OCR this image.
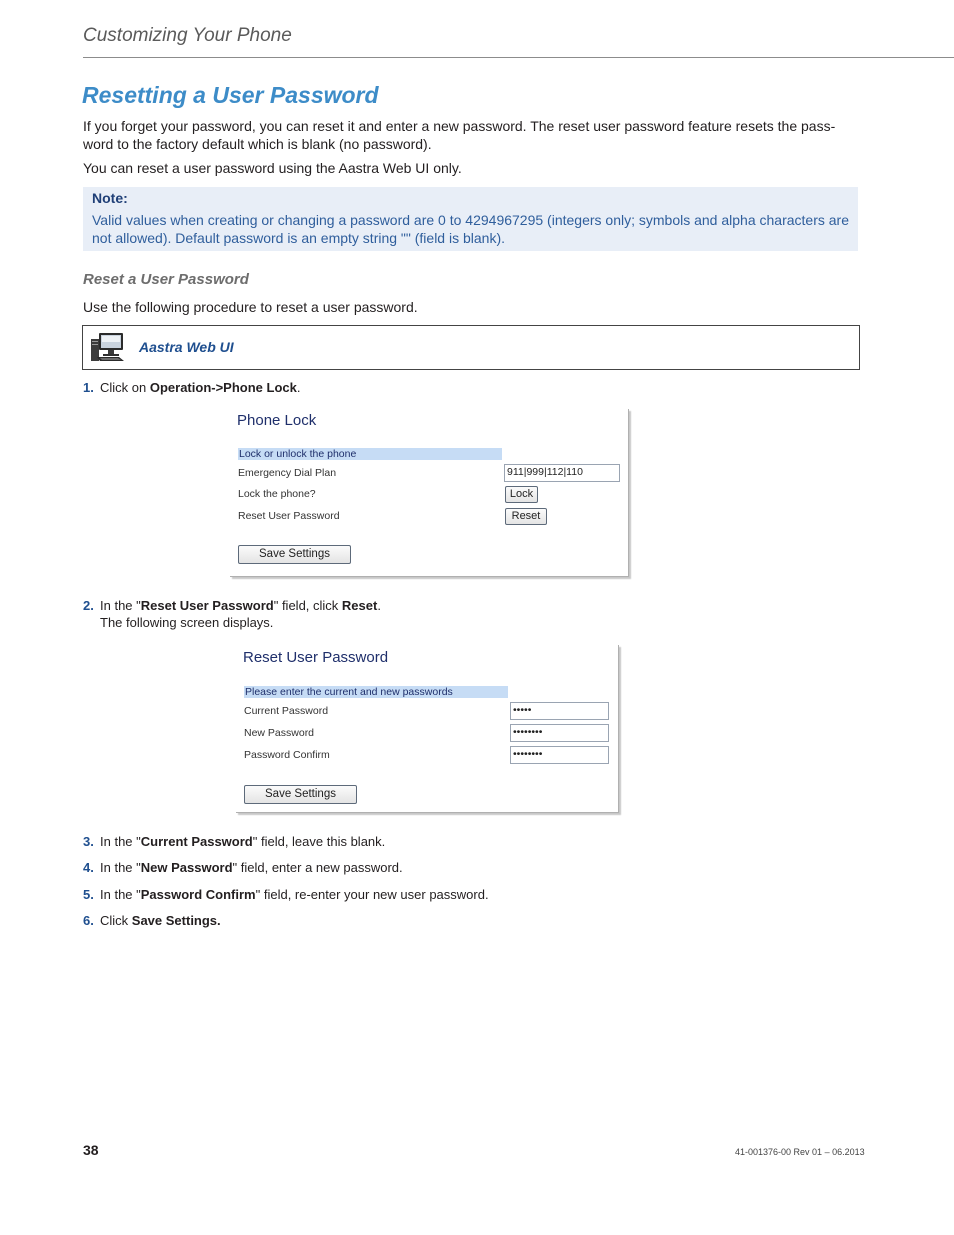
Customizing Your Phone
Resetting a User Password
If you forget your password, you can reset it and enter a new password. The reset user password feature resets the pass-word to the factory default which is blank (no password).
You can reset a user password using the Aastra Web UI only.
Note:
Valid values when creating or changing a password are 0 to 4294967295 (integers only; symbols and alpha characters are not allowed). Default password is an empty string "" (field is blank).
Reset a User Password
Use the following procedure to reset a user password.
Aastra Web UI
1. Click on Operation->Phone Lock.
Phone Lock
Lock or unlock the phone
Emergency Dial Plan	911|999|112|110
Lock the phone?	Lock
Reset User Password	Reset
Save Settings
2. In the "Reset User Password" field, click Reset.
The following screen displays.
Reset User Password
Please enter the current and new passwords
Current Password	•••••
New Password	••••••••
Password Confirm	••••••••
Save Settings
3. In the "Current Password" field, leave this blank.
4. In the "New Password" field, enter a new password.
5. In the "Password Confirm" field, re-enter your new user password.
6. Click Save Settings.
38	41-001376-00 Rev 01 – 06.2013
